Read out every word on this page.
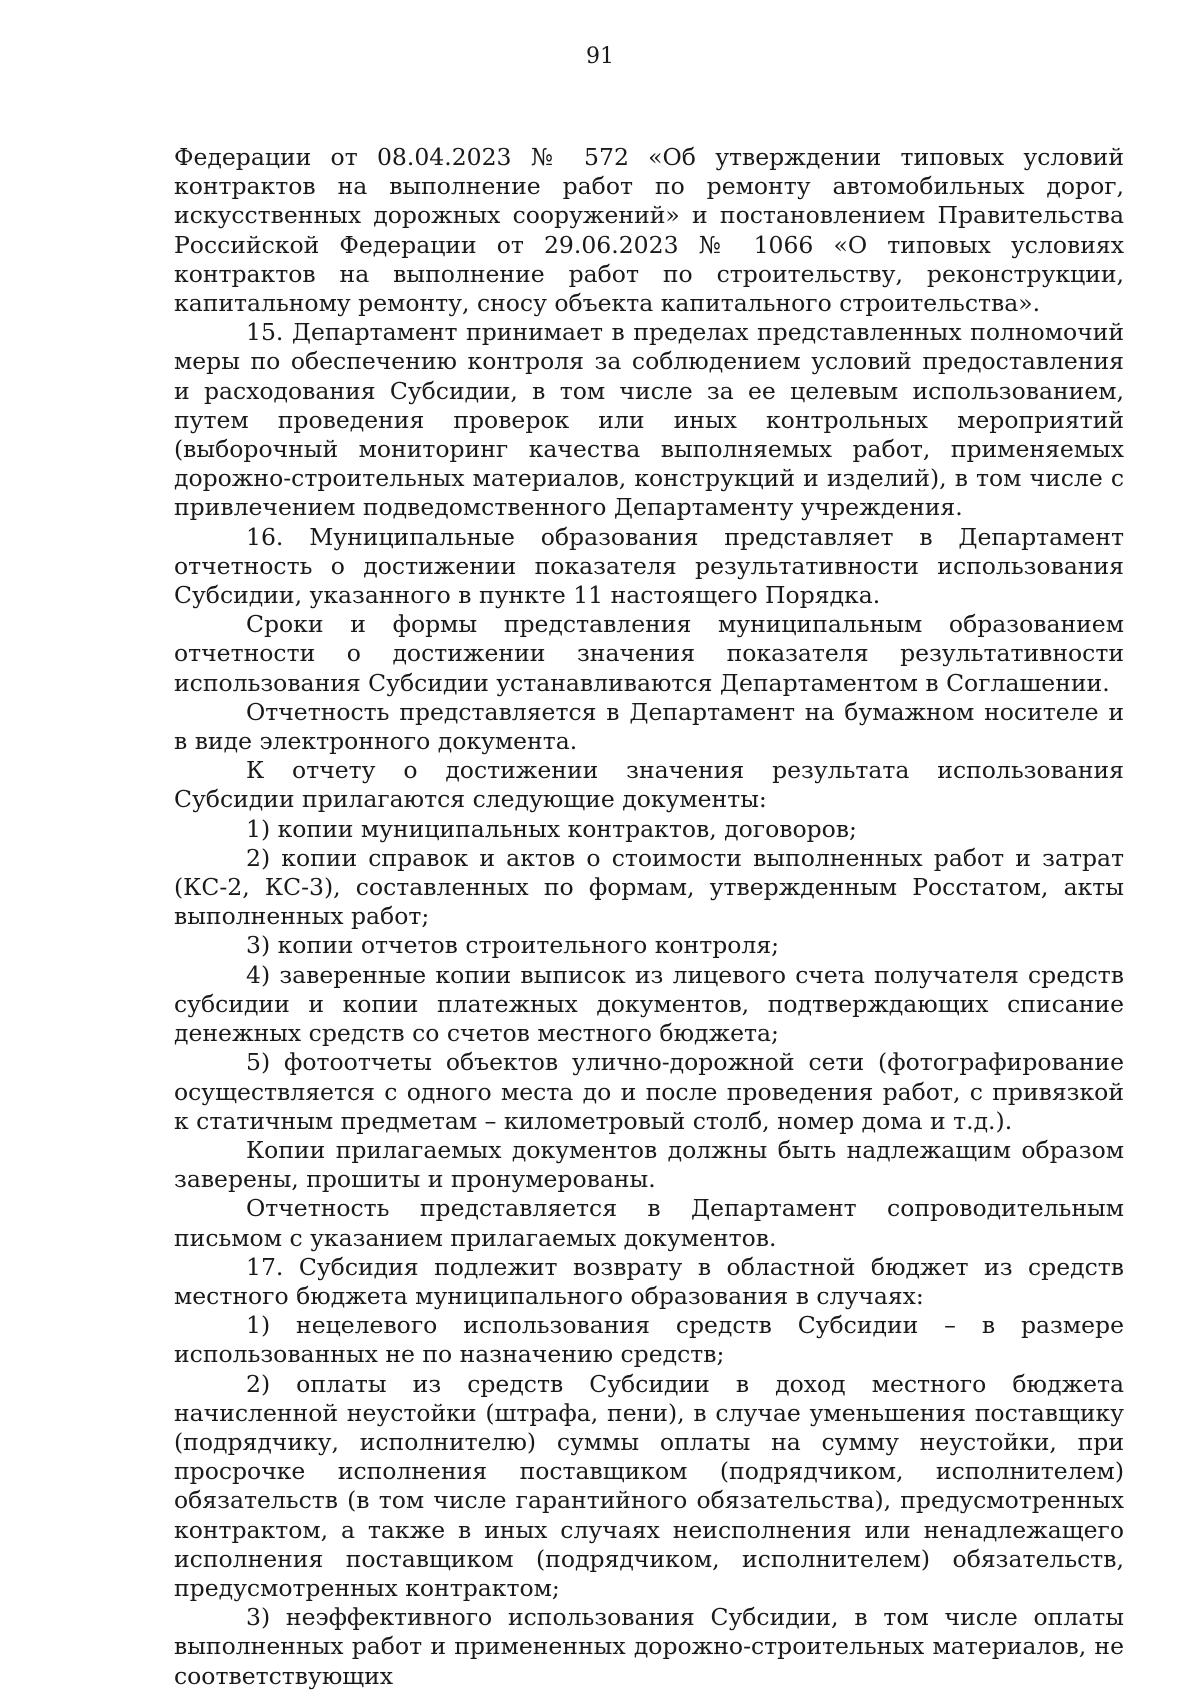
91

Федерации от 08.04.2023 № 572 «Об утверждении типовых условий контрактов на выполнение работ по ремонту автомобильных дорог, искусственных дорожных сооружений» и постановлением Правительства Российской Федерации от 29.06.2023 № 1066 «О типовых условиях контрактов на выполнение работ по строительству, реконструкции, капитальному ремонту, сносу объекта капитального строительства».

15. Департамент принимает в пределах представленных полномочий меры по обеспечению контроля за соблюдением условий предоставления и расходования Субсидии, в том числе за ее целевым использованием, путем проведения проверок или иных контрольных мероприятий (выборочный мониторинг качества выполняемых работ, применяемых дорожно-строительных материалов, конструкций и изделий), в том числе с привлечением подведомственного Департаменту учреждения.

16. Муниципальные образования представляет в Департамент отчетность о достижении показателя результативности использования Субсидии, указанного в пункте 11 настоящего Порядка.

Сроки и формы представления муниципальным образованием отчетности о достижении значения показателя результативности использования Субсидии устанавливаются Департаментом в Соглашении.

Отчетность представляется в Департамент на бумажном носителе и в виде электронного документа.

К отчету о достижении значения результата использования Субсидии прилагаются следующие документы:

1) копии муниципальных контрактов, договоров;

2) копии справок и актов о стоимости выполненных работ и затрат (КС-2, КС-3), составленных по формам, утвержденным Росстатом, акты выполненных работ;

3) копии отчетов строительного контроля;

4) заверенные копии выписок из лицевого счета получателя средств субсидии и копии платежных документов, подтверждающих списание денежных средств со счетов местного бюджета;

5) фотоотчеты объектов улично-дорожной сети (фотографирование осуществляется с одного места до и после проведения работ, с привязкой к статичным предметам – километровый столб, номер дома и т.д.).

Копии прилагаемых документов должны быть надлежащим образом заверены, прошиты и пронумерованы.

Отчетность представляется в Департамент сопроводительным письмом с указанием прилагаемых документов.

17. Субсидия подлежит возврату в областной бюджет из средств местного бюджета муниципального образования в случаях:

1) нецелевого использования средств Субсидии – в размере использованных не по назначению средств;

2) оплаты из средств Субсидии в доход местного бюджета начисленной неустойки (штрафа, пени), в случае уменьшения поставщику (подрядчику, исполнителю) суммы оплаты на сумму неустойки, при просрочке исполнения поставщиком (подрядчиком, исполнителем) обязательств (в том числе гарантийного обязательства), предусмотренных контрактом, а также в иных случаях неисполнения или ненадлежащего исполнения поставщиком (подрядчиком, исполнителем) обязательств, предусмотренных контрактом;

3) неэффективного использования Субсидии, в том числе оплаты выполненных работ и примененных дорожно-строительных материалов, не соответствующих
